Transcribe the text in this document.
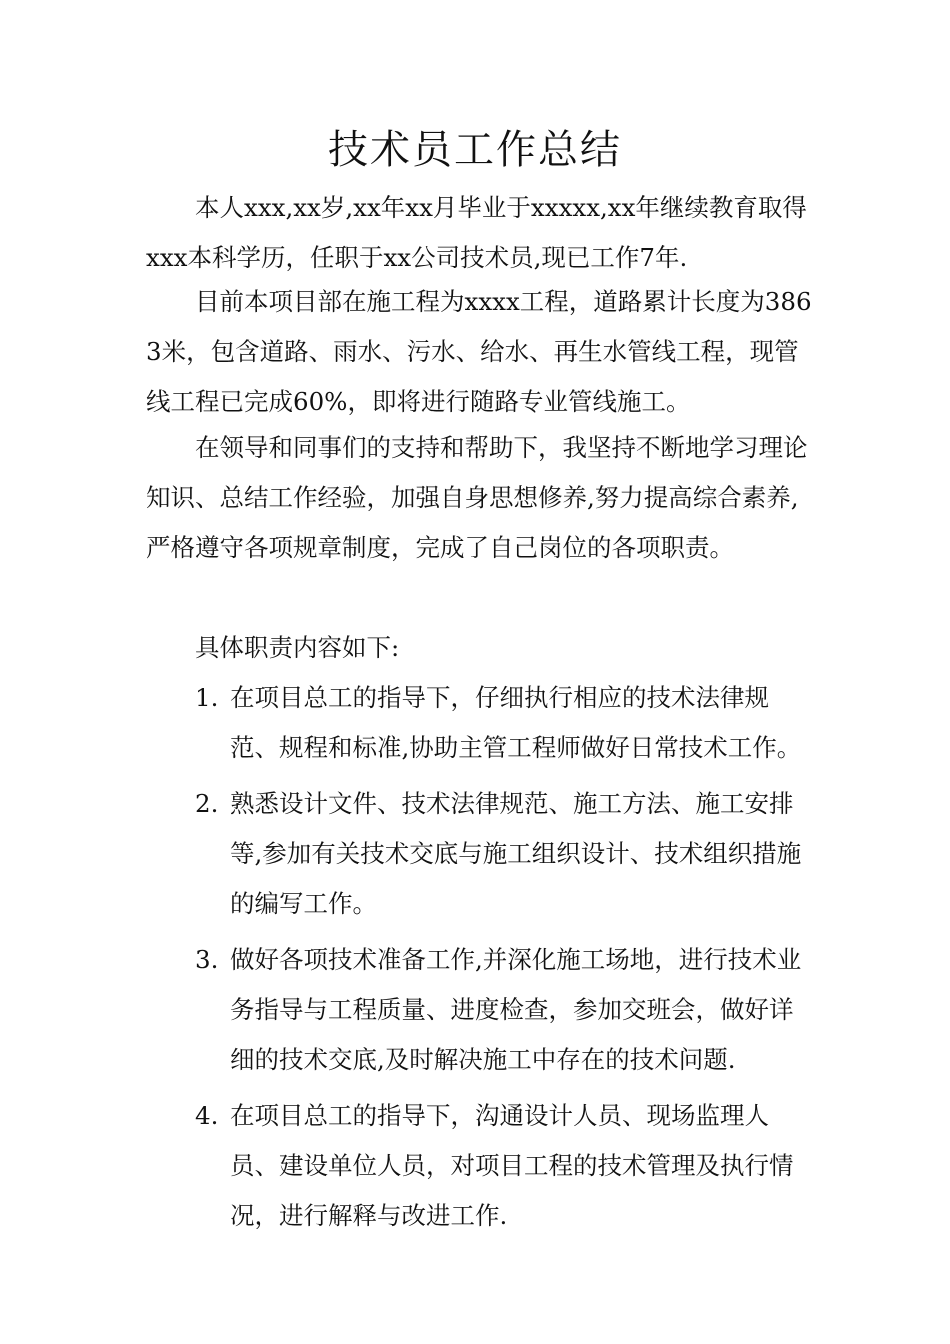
技术员工作总结

本人xxx,xx岁,xx年xx月毕业于xxxxx,xx年继续教育取得xxx本科学历，任职于xx公司技术员,现已工作7年.

目前本项目部在施工程为xxxx工程，道路累计长度为3863米，包含道路、雨水、污水、给水、再生水管线工程，现管线工程已完成60%，即将进行随路专业管线施工。

在领导和同事们的支持和帮助下，我坚持不断地学习理论知识、总结工作经验，加强自身思想修养,努力提高综合素养,严格遵守各项规章制度，完成了自己岗位的各项职责。

具体职责内容如下:

1. 在项目总工的指导下，仔细执行相应的技术法律规范、规程和标准,协助主管工程师做好日常技术工作。
2. 熟悉设计文件、技术法律规范、施工方法、施工安排等,参加有关技术交底与施工组织设计、技术组织措施的编写工作。
3. 做好各项技术准备工作,并深化施工场地，进行技术业务指导与工程质量、进度检查，参加交班会，做好详细的技术交底,及时解决施工中存在的技术问题.
4. 在项目总工的指导下，沟通设计人员、现场监理人员、建设单位人员，对项目工程的技术管理及执行情况，进行解释与改进工作.
